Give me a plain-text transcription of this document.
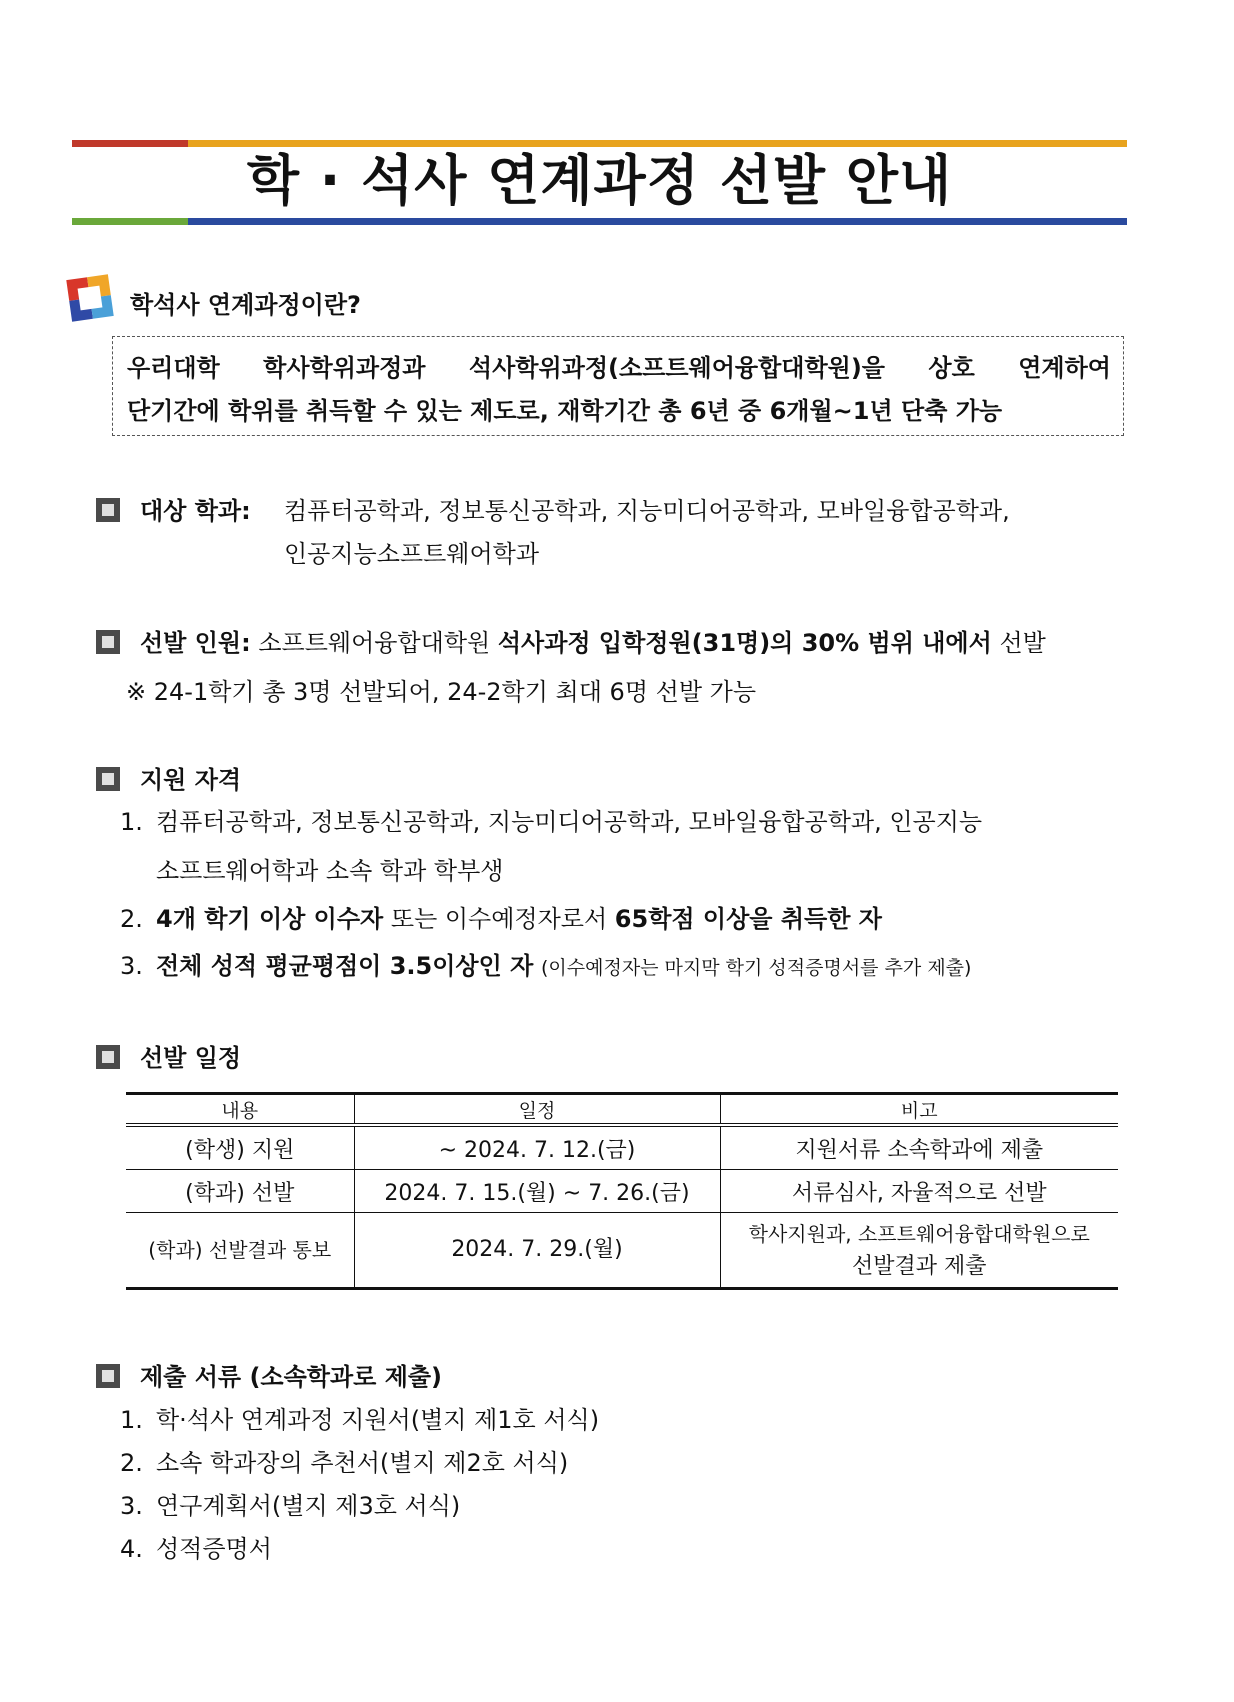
학 · 석사 연계과정 선발 안내
학석사 연계과정이란?
우리대학 학사학위과정과 석사학위과정(소프트웨어융합대학원)을 상호 연계하여
단기간에 학위를 취득할 수 있는 제도로, 재학기간 총 6년 중 6개월~1년 단축 가능
대상 학과: 컴퓨터공학과, 정보통신공학과, 지능미디어공학과, 모바일융합공학과,
인공지능소프트웨어학과
선발 인원: 소프트웨어융합대학원 석사과정 입학정원(31명)의 30% 범위 내에서 선발
※ 24-1학기 총 3명 선발되어, 24-2학기 최대 6명 선발 가능
지원 자격
1. 컴퓨터공학과, 정보통신공학과, 지능미디어공학과, 모바일융합공학과, 인공지능
소프트웨어학과 소속 학과 학부생
2. 4개 학기 이상 이수자 또는 이수예정자로서 65학점 이상을 취득한 자
3. 전체 성적 평균평점이 3.5이상인 자 (이수예정자는 마지막 학기 성적증명서를 추가 제출)
선발 일정
내용	일정	비고
(학생) 지원	~ 2024. 7. 12.(금)	지원서류 소속학과에 제출
(학과) 선발	2024. 7. 15.(월) ~ 7. 26.(금)	서류심사, 자율적으로 선발
(학과) 선발결과 통보	2024. 7. 29.(월)	학사지원과, 소프트웨어융합대학원으로
선발결과 제출
제출 서류 (소속학과로 제출)
1. 학·석사 연계과정 지원서(별지 제1호 서식)
2. 소속 학과장의 추천서(별지 제2호 서식)
3. 연구계획서(별지 제3호 서식)
4. 성적증명서
